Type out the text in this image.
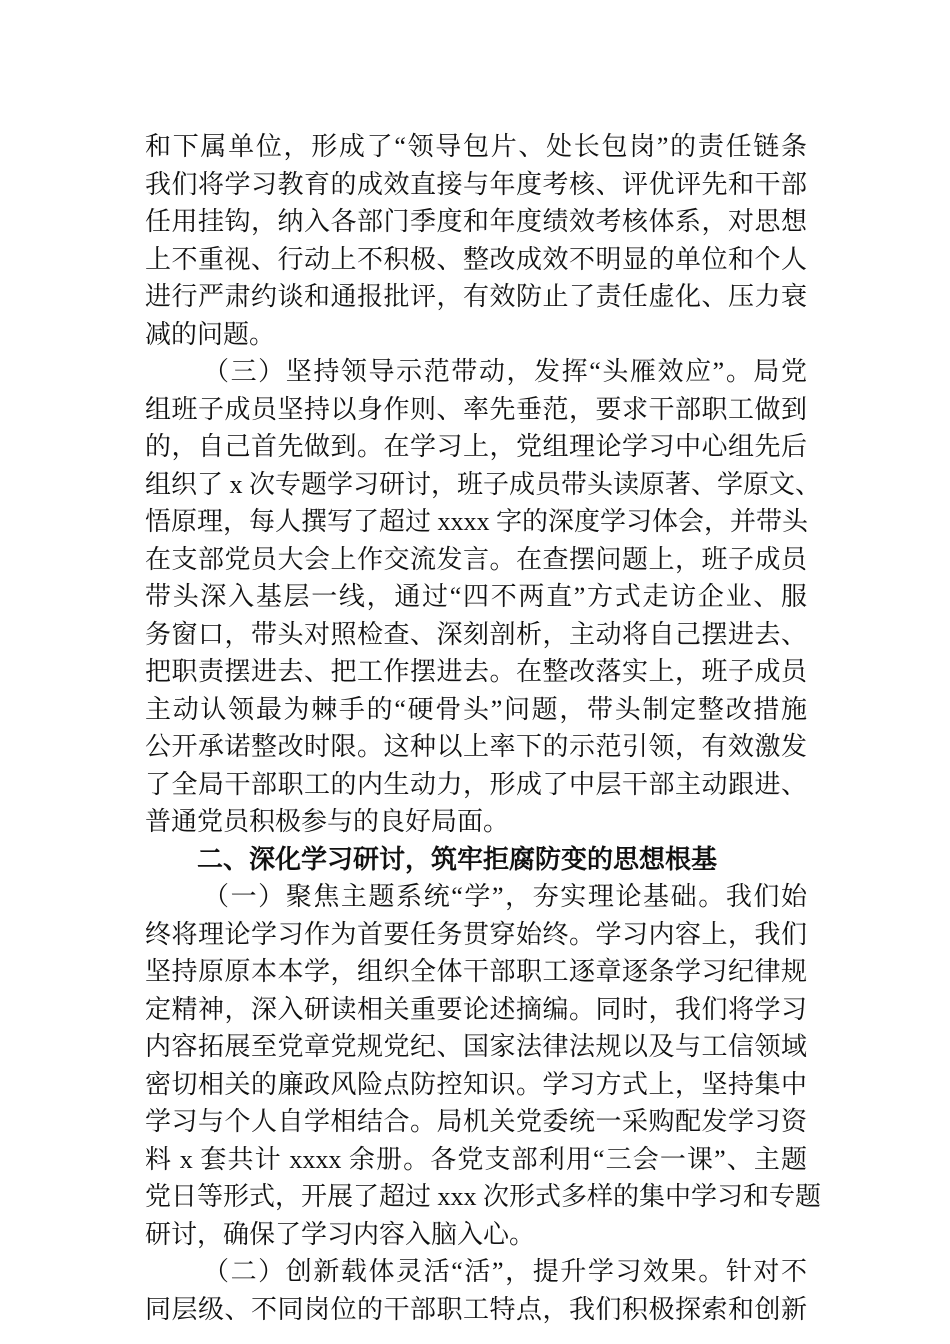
和下属单位，形成了“领导包片、处长包岗”的责任链条
我们将学习教育的成效直接与年度考核、评优评先和干部
任用挂钩，纳入各部门季度和年度绩效考核体系，对思想
上不重视、行动上不积极、整改成效不明显的单位和个人
进行严肃约谈和通报批评，有效防止了责任虚化、压力衰
减的问题。
（三）坚持领导示范带动，发挥“头雁效应”。局党
组班子成员坚持以身作则、率先垂范，要求干部职工做到
的，自己首先做到。在学习上，党组理论学习中心组先后
组织了 x 次专题学习研讨，班子成员带头读原著、学原文、
悟原理，每人撰写了超过 xxxx 字的深度学习体会，并带头
在支部党员大会上作交流发言。在查摆问题上，班子成员
带头深入基层一线，通过“四不两直”方式走访企业、服
务窗口，带头对照检查、深刻剖析，主动将自己摆进去、
把职责摆进去、把工作摆进去。在整改落实上，班子成员
主动认领最为棘手的“硬骨头”问题，带头制定整改措施
公开承诺整改时限。这种以上率下的示范引领，有效激发
了全局干部职工的内生动力，形成了中层干部主动跟进、
普通党员积极参与的良好局面。
二、深化学习研讨，筑牢拒腐防变的思想根基
（一）聚焦主题系统“学”，夯实理论基础。我们始
终将理论学习作为首要任务贯穿始终。学习内容上，我们
坚持原原本本学，组织全体干部职工逐章逐条学习纪律规
定精神，深入研读相关重要论述摘编。同时，我们将学习
内容拓展至党章党规党纪、国家法律法规以及与工信领域
密切相关的廉政风险点防控知识。学习方式上，坚持集中
学习与个人自学相结合。局机关党委统一采购配发学习资
料 x 套共计 xxxx 余册。各党支部利用“三会一课”、主题
党日等形式，开展了超过 xxx 次形式多样的集中学习和专题
研讨，确保了学习内容入脑入心。
（二）创新载体灵活“活”，提升学习效果。针对不
同层级、不同岗位的干部职工特点，我们积极探索和创新
